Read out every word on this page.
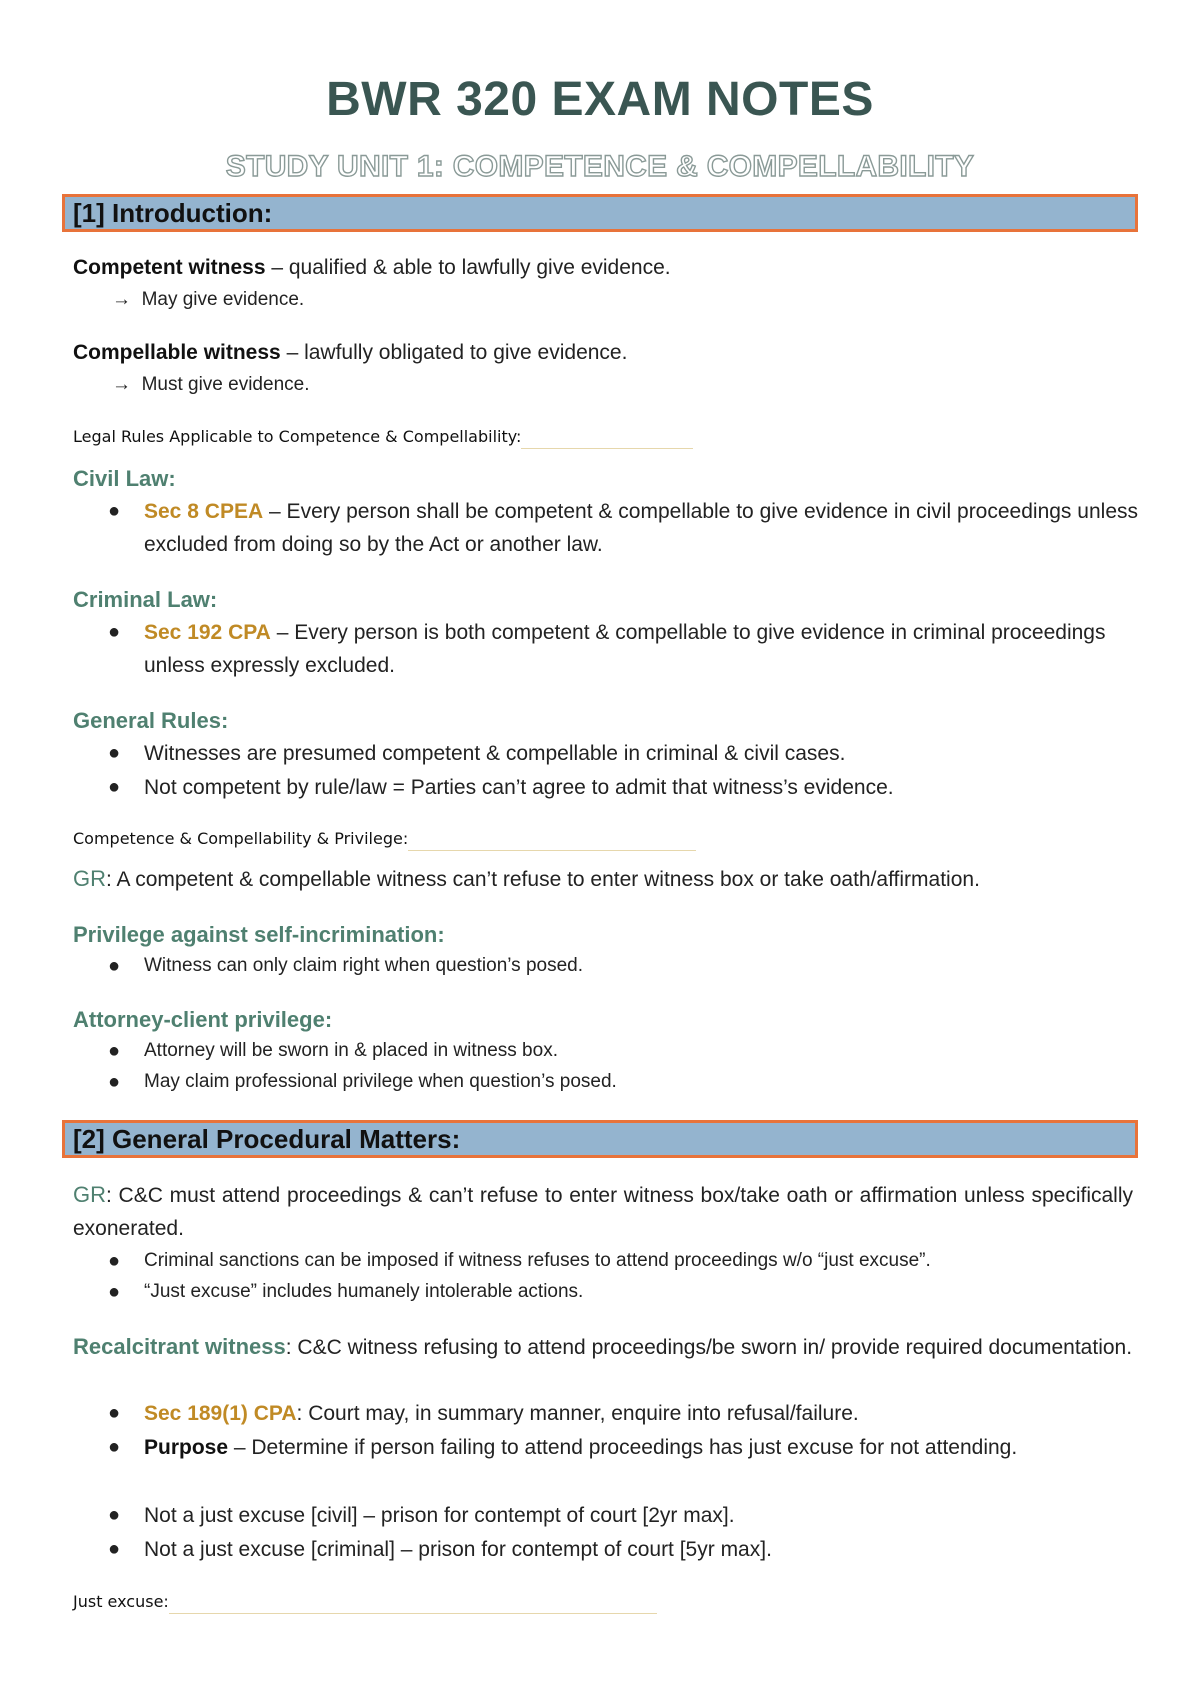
BWR 320 EXAM NOTES
STUDY UNIT 1: COMPETENCE & COMPELLABILITY
[1] Introduction:
Competent witness – qualified & able to lawfully give evidence.
→ May give evidence.
Compellable witness – lawfully obligated to give evidence.
→ Must give evidence.
Legal Rules Applicable to Competence & Compellability:
Civil Law:
● Sec 8 CPEA – Every person shall be competent & compellable to give evidence in civil proceedings unless excluded from doing so by the Act or another law.
Criminal Law:
● Sec 192 CPA – Every person is both competent & compellable to give evidence in criminal proceedings unless expressly excluded.
General Rules:
● Witnesses are presumed competent & compellable in criminal & civil cases.
● Not competent by rule/law = Parties can’t agree to admit that witness’s evidence.
Competence & Compellability & Privilege:
GR: A competent & compellable witness can’t refuse to enter witness box or take oath/affirmation.
Privilege against self-incrimination:
● Witness can only claim right when question’s posed.
Attorney-client privilege:
● Attorney will be sworn in & placed in witness box.
● May claim professional privilege when question’s posed.
[2] General Procedural Matters:
GR: C&C must attend proceedings & can’t refuse to enter witness box/take oath or affirmation unless specifically exonerated.
● Criminal sanctions can be imposed if witness refuses to attend proceedings w/o “just excuse”.
● “Just excuse” includes humanely intolerable actions.
Recalcitrant witness: C&C witness refusing to attend proceedings/be sworn in/ provide required documentation.
● Sec 189(1) CPA: Court may, in summary manner, enquire into refusal/failure.
● Purpose – Determine if person failing to attend proceedings has just excuse for not attending.
● Not a just excuse [civil] – prison for contempt of court [2yr max].
● Not a just excuse [criminal] – prison for contempt of court [5yr max].
Just excuse:
